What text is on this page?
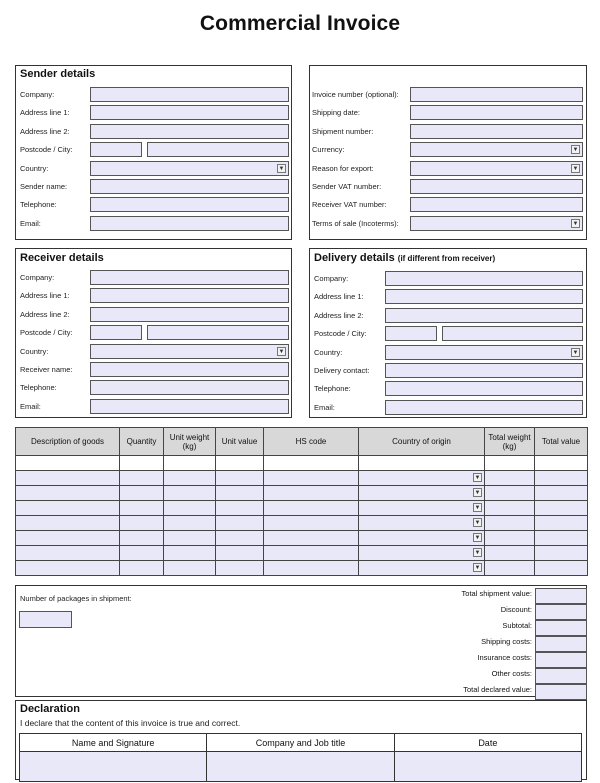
Commercial Invoice
Sender details
Company:
Address line 1:
Address line 2:
Postcode / City:
Country:	▼
Sender name:
Telephone:
Email:
Invoice number (optional):
Shipping date:
Shipment number:
Currency:	▼
Reason for export:	▼
Sender VAT number:
Receiver VAT number:
Terms of sale (Incoterms):	▼
Receiver details
Company:
Address line 1:
Address line 2:
Postcode / City:
Country:	▼
Receiver name:
Telephone:
Email:
Delivery details (if different from receiver)
Company:
Address line 1:
Address line 2:
Postcode / City:
Country:	▼
Delivery contact:
Telephone:
Email:
Description of goods	Quantity	Unit weight (kg)	Unit value	HS code	Country of origin	Total weight (kg)	Total value

					▼		

					▼		

					▼		

					▼		

					▼		

					▼		

					▼		

Number of packages in shipment:
Total shipment value:
Discount:
Subtotal:
Shipping costs:
Insurance costs:
Other costs:
Total declared value:
Declaration
I declare that the content of this invoice is true and correct.
Name and Signature	Company and Job title	Date
